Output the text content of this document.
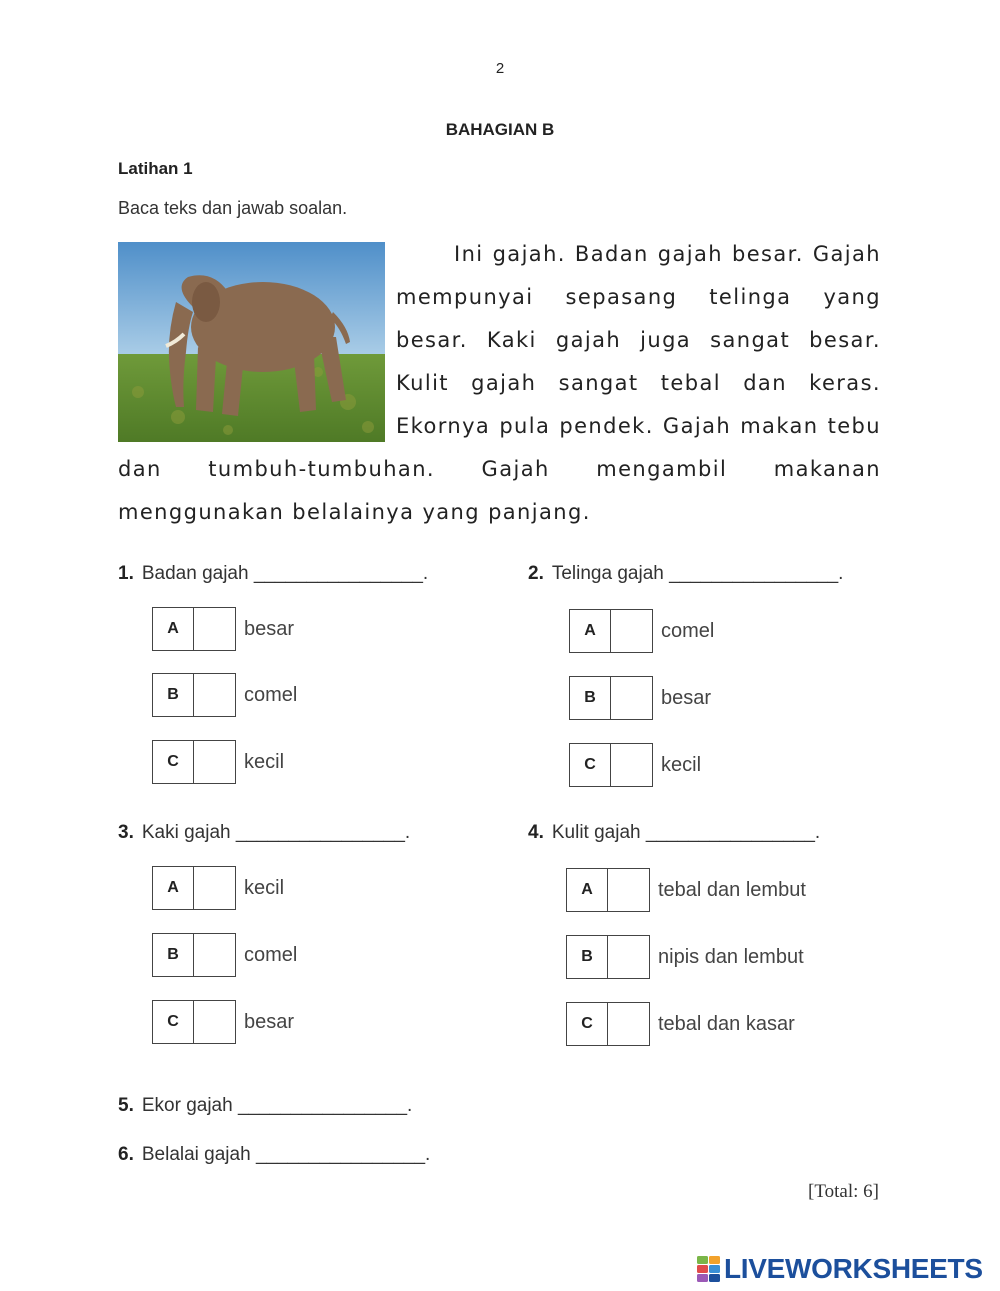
2
BAHAGIAN B
Latihan 1
Baca teks dan jawab soalan.
Ini gajah. Badan gajah besar. Gajah mempunyai sepasang telinga yang besar. Kaki gajah juga sangat besar. Kulit gajah sangat tebal dan keras. Ekornya pula pendek. Gajah makan tebu
dan tumbuh-tumbuhan. Gajah mengambil makanan
menggunakan belalainya yang panjang.
1. Badan gajah ________________.
A	besar
B	comel
C	kecil
2. Telinga gajah ________________.
A	comel
B	besar
C	kecil
3. Kaki gajah ________________.
A	kecil
B	comel
C	besar
4. Kulit gajah ________________.
A	tebal dan lembut
B	nipis dan lembut
C	tebal dan kasar
5. Ekor gajah ________________.
6. Belalai gajah ________________.
[Total: 6]
LIVEWORKSHEETS
